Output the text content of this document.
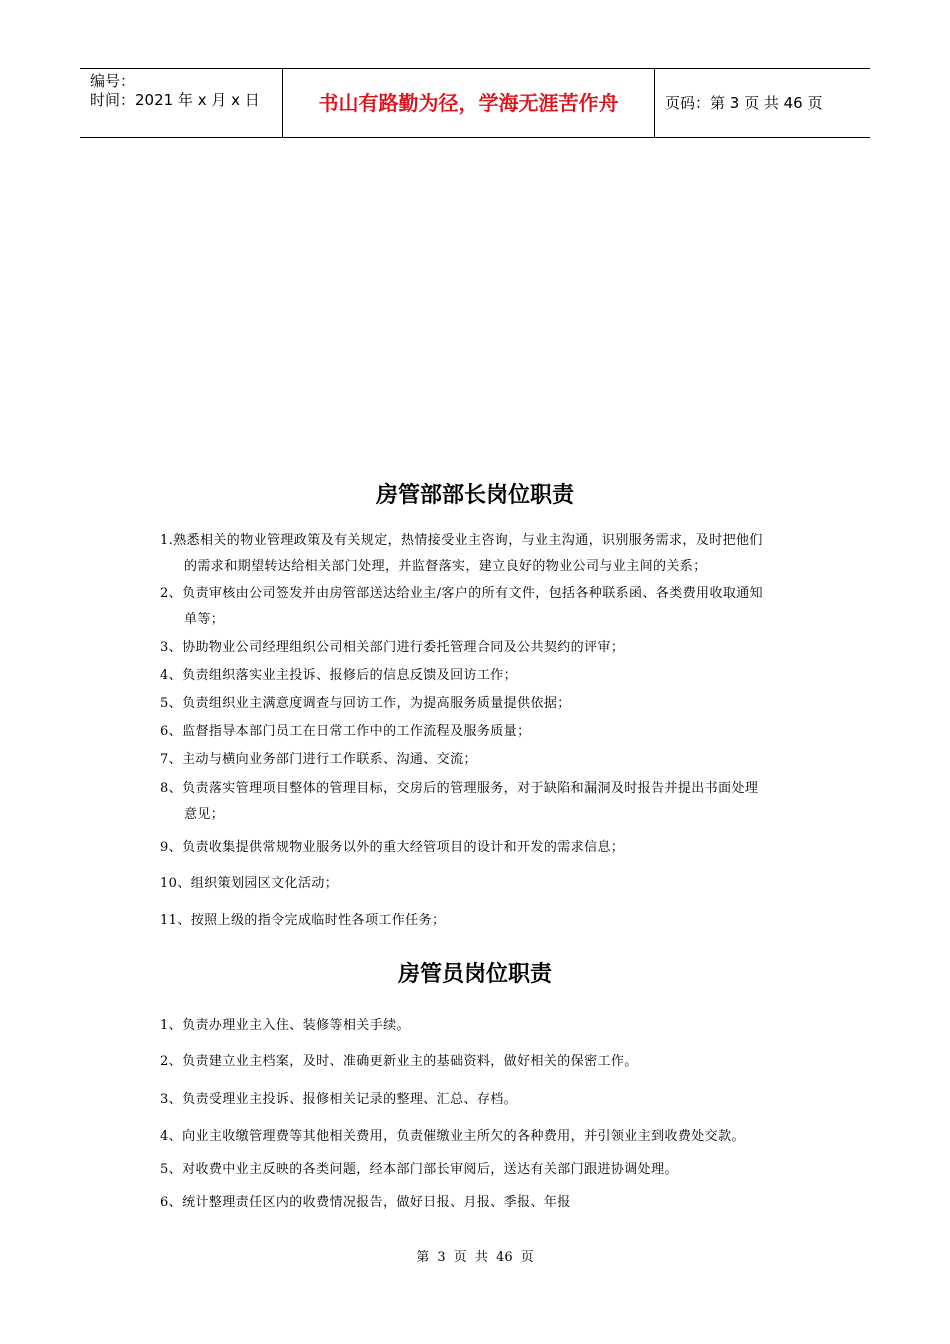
编号：
时间：2021 年 x 月 x 日	书山有路勤为径，学海无涯苦作舟	页码：第 3 页 共 46 页
房管部部长岗位职责
1.熟悉相关的物业管理政策及有关规定，热情接受业主咨询，与业主沟通，识别服务需求，及时把他们
的需求和期望转达给相关部门处理，并监督落实，建立良好的物业公司与业主间的关系；
2、负责审核由公司签发并由房管部送达给业主/客户的所有文件，包括各种联系函、各类费用收取通知
单等；
3、协助物业公司经理组织公司相关部门进行委托管理合同及公共契约的评审；
4、负责组织落实业主投诉、报修后的信息反馈及回访工作；
5、负责组织业主满意度调查与回访工作，为提高服务质量提供依据；
6、监督指导本部门员工在日常工作中的工作流程及服务质量；
7、主动与横向业务部门进行工作联系、沟通、交流；
8、负责落实管理项目整体的管理目标，交房后的管理服务，对于缺陷和漏洞及时报告并提出书面处理
意见；
9、负责收集提供常规物业服务以外的重大经管项目的设计和开发的需求信息；
10、组织策划园区文化活动；
11、按照上级的指令完成临时性各项工作任务；
房管员岗位职责
1、负责办理业主入住、装修等相关手续。
2、负责建立业主档案，及时、准确更新业主的基础资料，做好相关的保密工作。
3、负责受理业主投诉、报修相关记录的整理、汇总、存档。
4、向业主收缴管理费等其他相关费用，负责催缴业主所欠的各种费用，并引领业主到收费处交款。
5、对收费中业主反映的各类问题，经本部门部长审阅后，送达有关部门跟进协调处理。
6、统计整理责任区内的收费情况报告，做好日报、月报、季报、年报
第 3 页 共 46 页
